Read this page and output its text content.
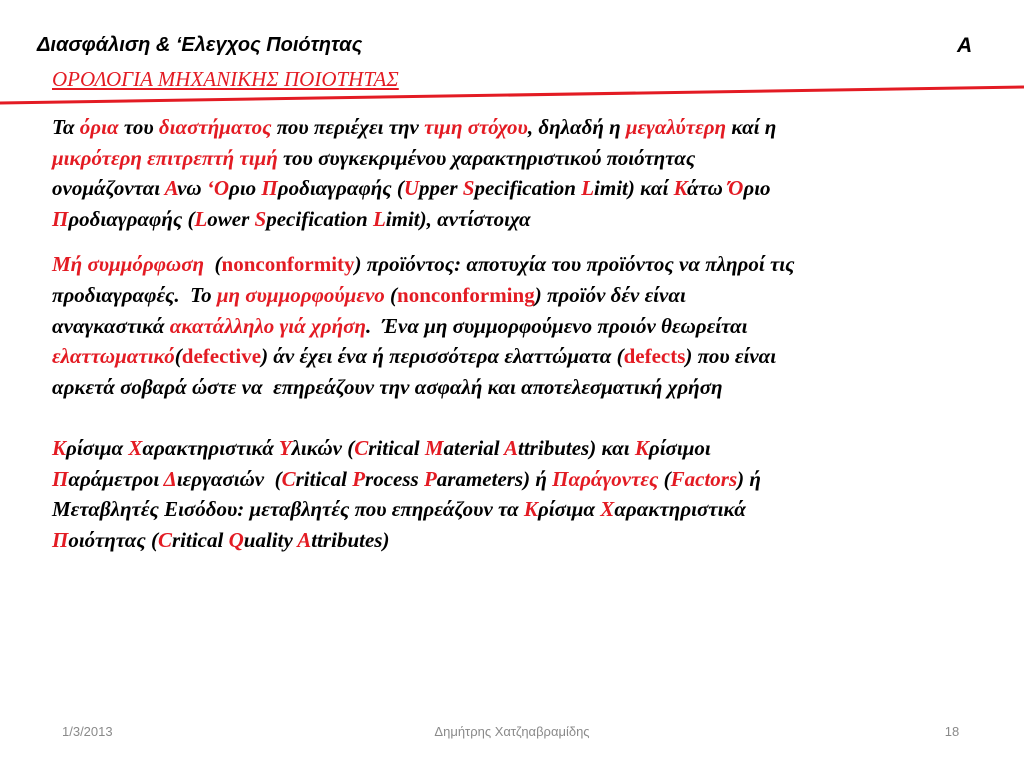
Διασφάλιση & ‘Ελεγχος Ποιότητας	A
ΟΡΟΛΟΓΙΑ ΜΗΧΑΝΙΚΗΣ ΠΟΙΟΤΗΤΑΣ
Τα όρια του διαστήματος που περιέχει την τιμη στόχου, δηλαδή η μεγαλύτερη καί η
μικρότερη επιτρεπτή τιμή του συγκεκριμένου χαρακτηριστικού ποιότητας
ονομάζονται Ανω ‘Οριο Προδιαγραφής (Upper Specification Limit) καί Κάτω Όριο
Προδιαγραφής (Lower Specification Limit), αντίστοιχα
Μή συμμόρφωση  (nonconformity) προϊόντος: αποτυχία του προϊόντος να πληροί τις
προδιαγραφές.  Το μη συμμορφούμενο (nonconforming) προϊόν δέν είναι
αναγκαστικά ακατάλληλο γιά χρήση.  Ένα μη συμμορφούμενο προιόν θεωρείται
ελαττωματικό(defective) άν έχει ένα ή περισσότερα ελαττώματα (defects) που είναι
αρκετά σοβαρά ώστε να  επηρεάζουν την ασφαλή και αποτελεσματική χρήση
Κρίσιμα Χαρακτηριστικά Υλικών (Critical Material Attributes) και Κρίσιμοι
Παράμετροι Διεργασιών  (Critical Process Parameters) ή Παράγοντες (Factors) ή
Μεταβλητές Εισόδου: μεταβλητές που επηρεάζουν τα Κρίσιμα Χαρακτηριστικά
Ποιότητας (Critical Quality Attributes)
1/3/2013	Δημήτρης Χατζηαβραμίδης	18
